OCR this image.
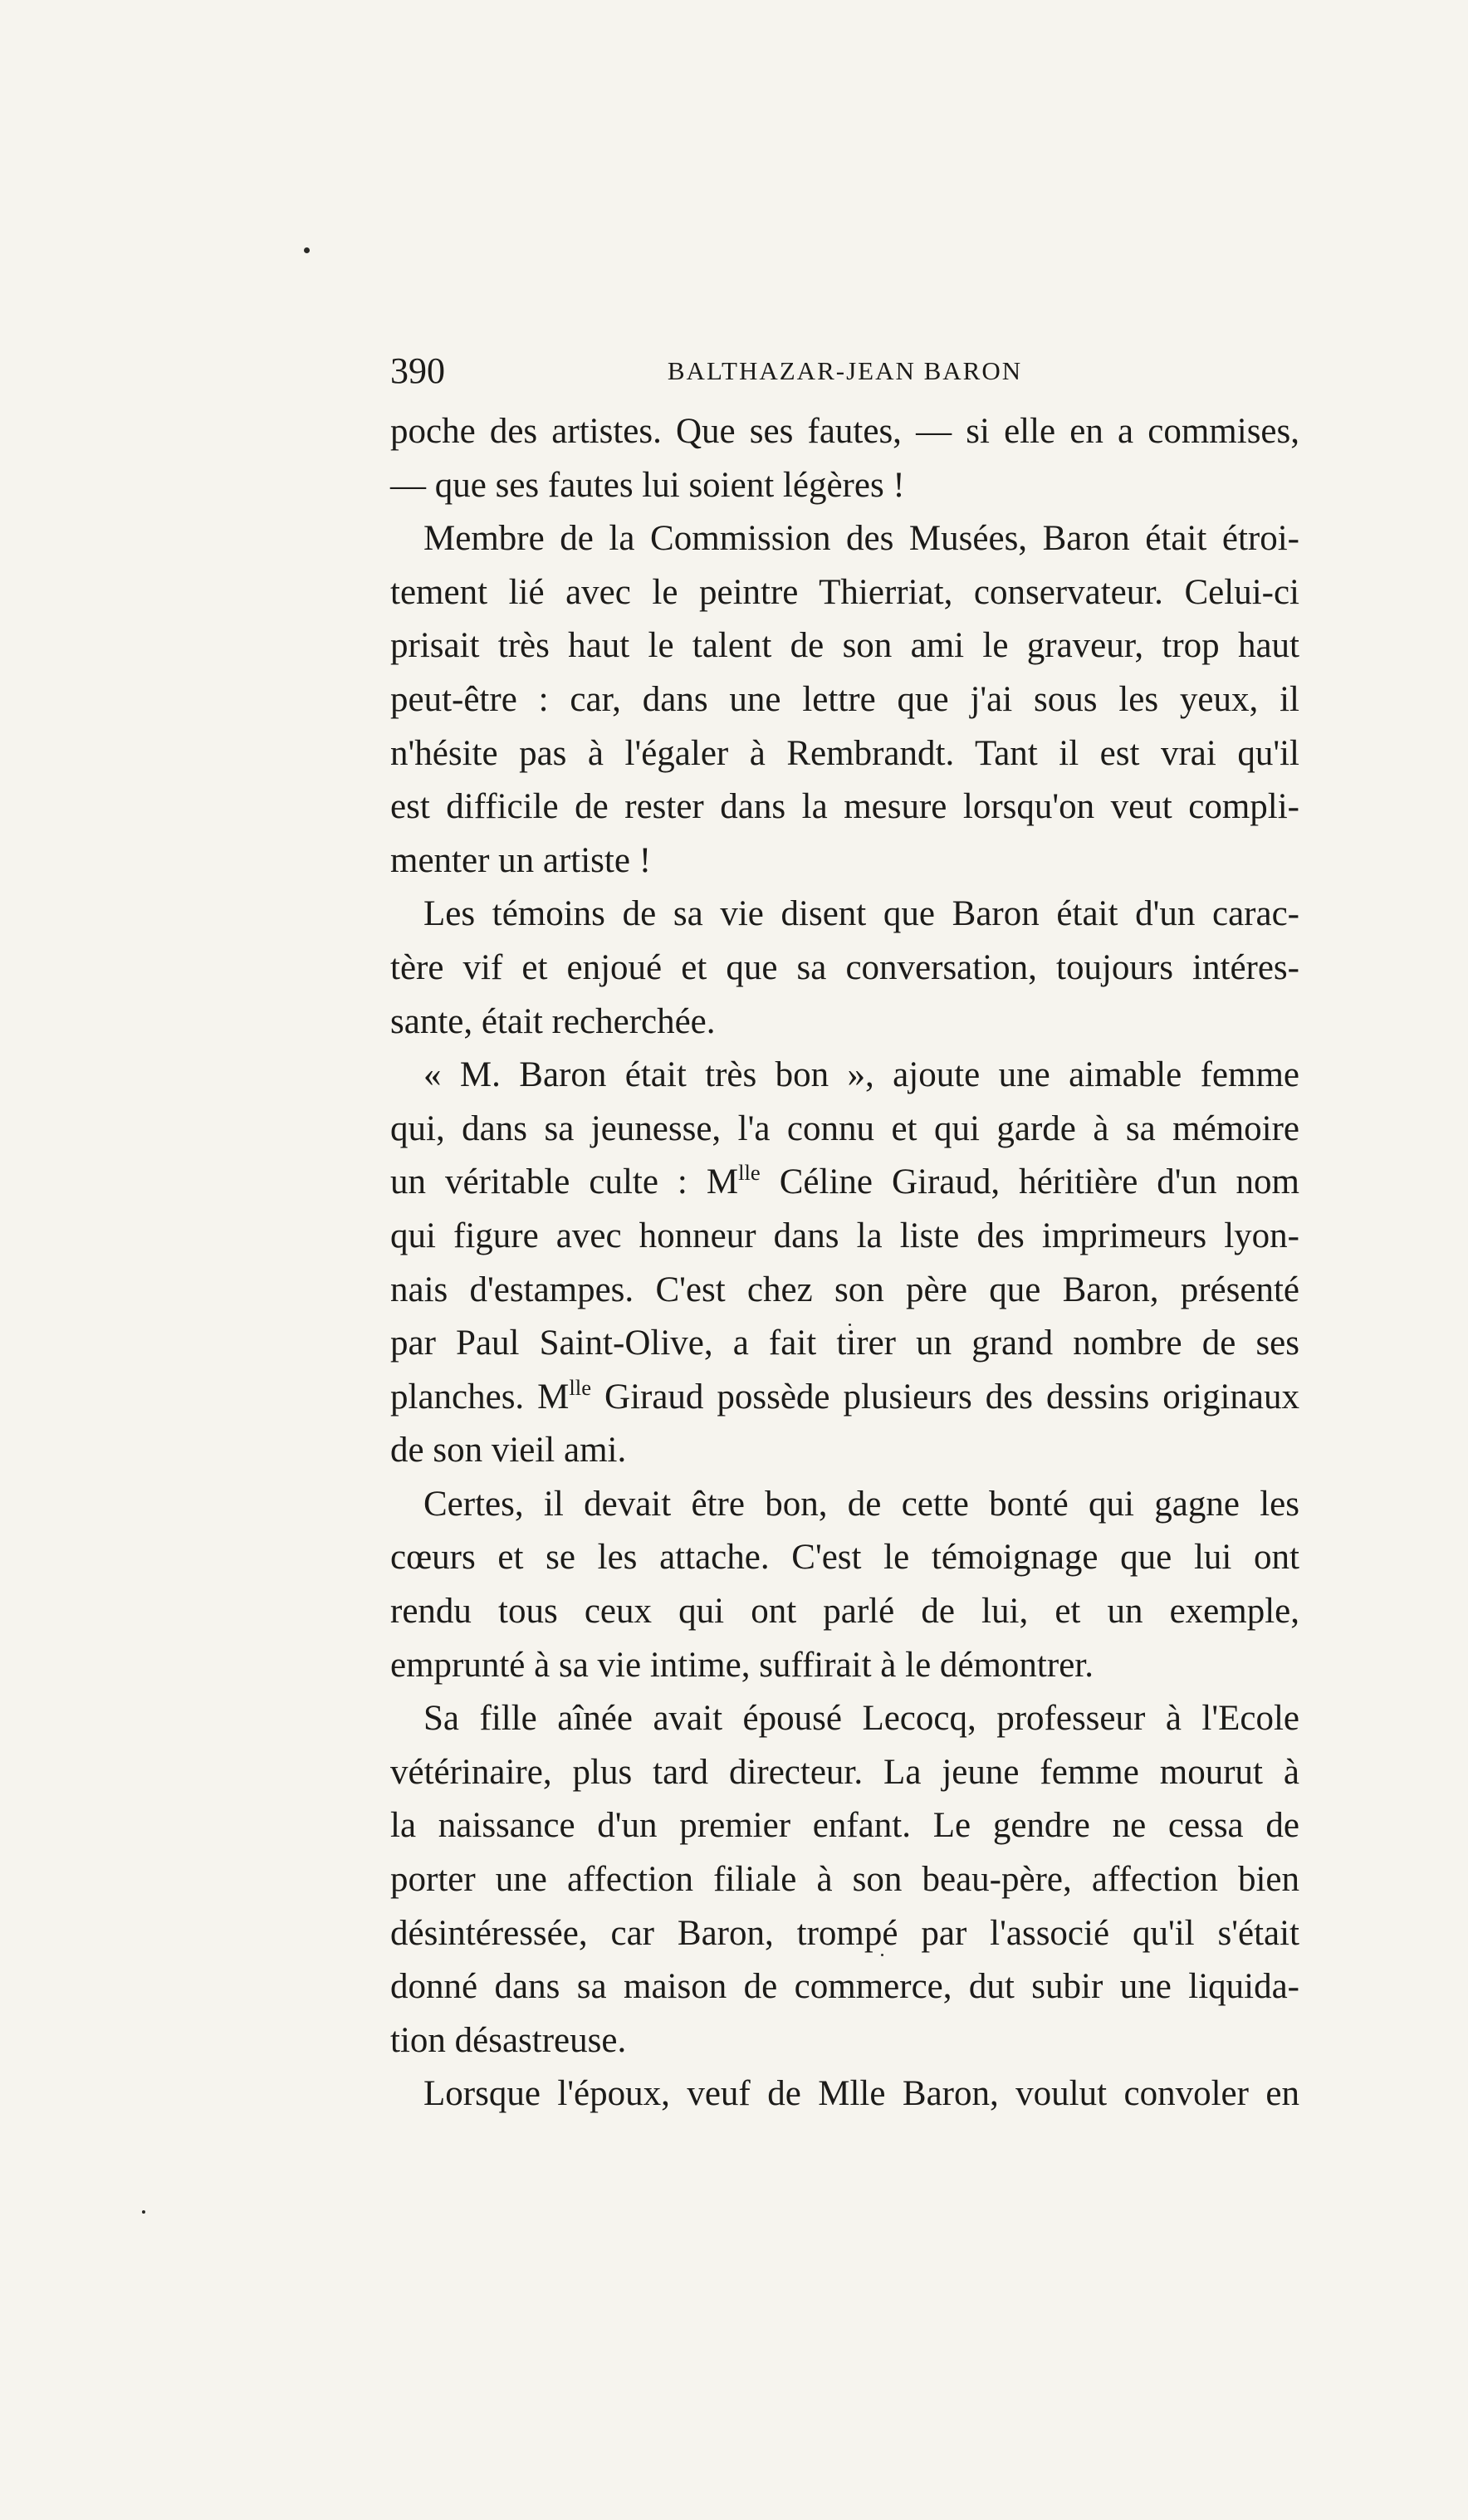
390	BALTHAZAR-JEAN BARON
poche des artistes. Que ses fautes, — si elle en a commises,
— que ses fautes lui soient légères !
Membre de la Commission des Musées, Baron était étroi-
tement lié avec le peintre Thierriat, conservateur. Celui-ci
prisait très haut le talent de son ami le graveur, trop haut
peut-être : car, dans une lettre que j'ai sous les yeux, il
n'hésite pas à l'égaler à Rembrandt. Tant il est vrai qu'il
est difficile de rester dans la mesure lorsqu'on veut compli-
menter un artiste !
Les témoins de sa vie disent que Baron était d'un carac-
tère vif et enjoué et que sa conversation, toujours intéres-
sante, était recherchée.
« M. Baron était très bon », ajoute une aimable femme
qui, dans sa jeunesse, l'a connu et qui garde à sa mémoire
un véritable culte : $M^{lle}$ Céline Giraud, héritière d'un nom
qui figure avec honneur dans la liste des imprimeurs lyon-
nais d'estampes. C'est chez son père que Baron, présenté
par Paul Saint-Olive, a fait tirer un grand nombre de ses
planches. $M^{lle}$ Giraud possède plusieurs des dessins originaux
de son vieil ami.
Certes, il devait être bon, de cette bonté qui gagne les
cœurs et se les attache. C'est le témoignage que lui ont
rendu tous ceux qui ont parlé de lui, et un exemple,
emprunté à sa vie intime, suffirait à le démontrer.
Sa fille aînée avait épousé Lecocq, professeur à l'Ecole
vétérinaire, plus tard directeur. La jeune femme mourut à
la naissance d'un premier enfant. Le gendre ne cessa de
porter une affection filiale à son beau-père, affection bien
désintéressée, car Baron, trompé par l'associé qu'il s'était
donné dans sa maison de commerce, dut subir une liquida-
tion désastreuse.
Lorsque l'époux, veuf de Mlle Baron, voulut convoler en
